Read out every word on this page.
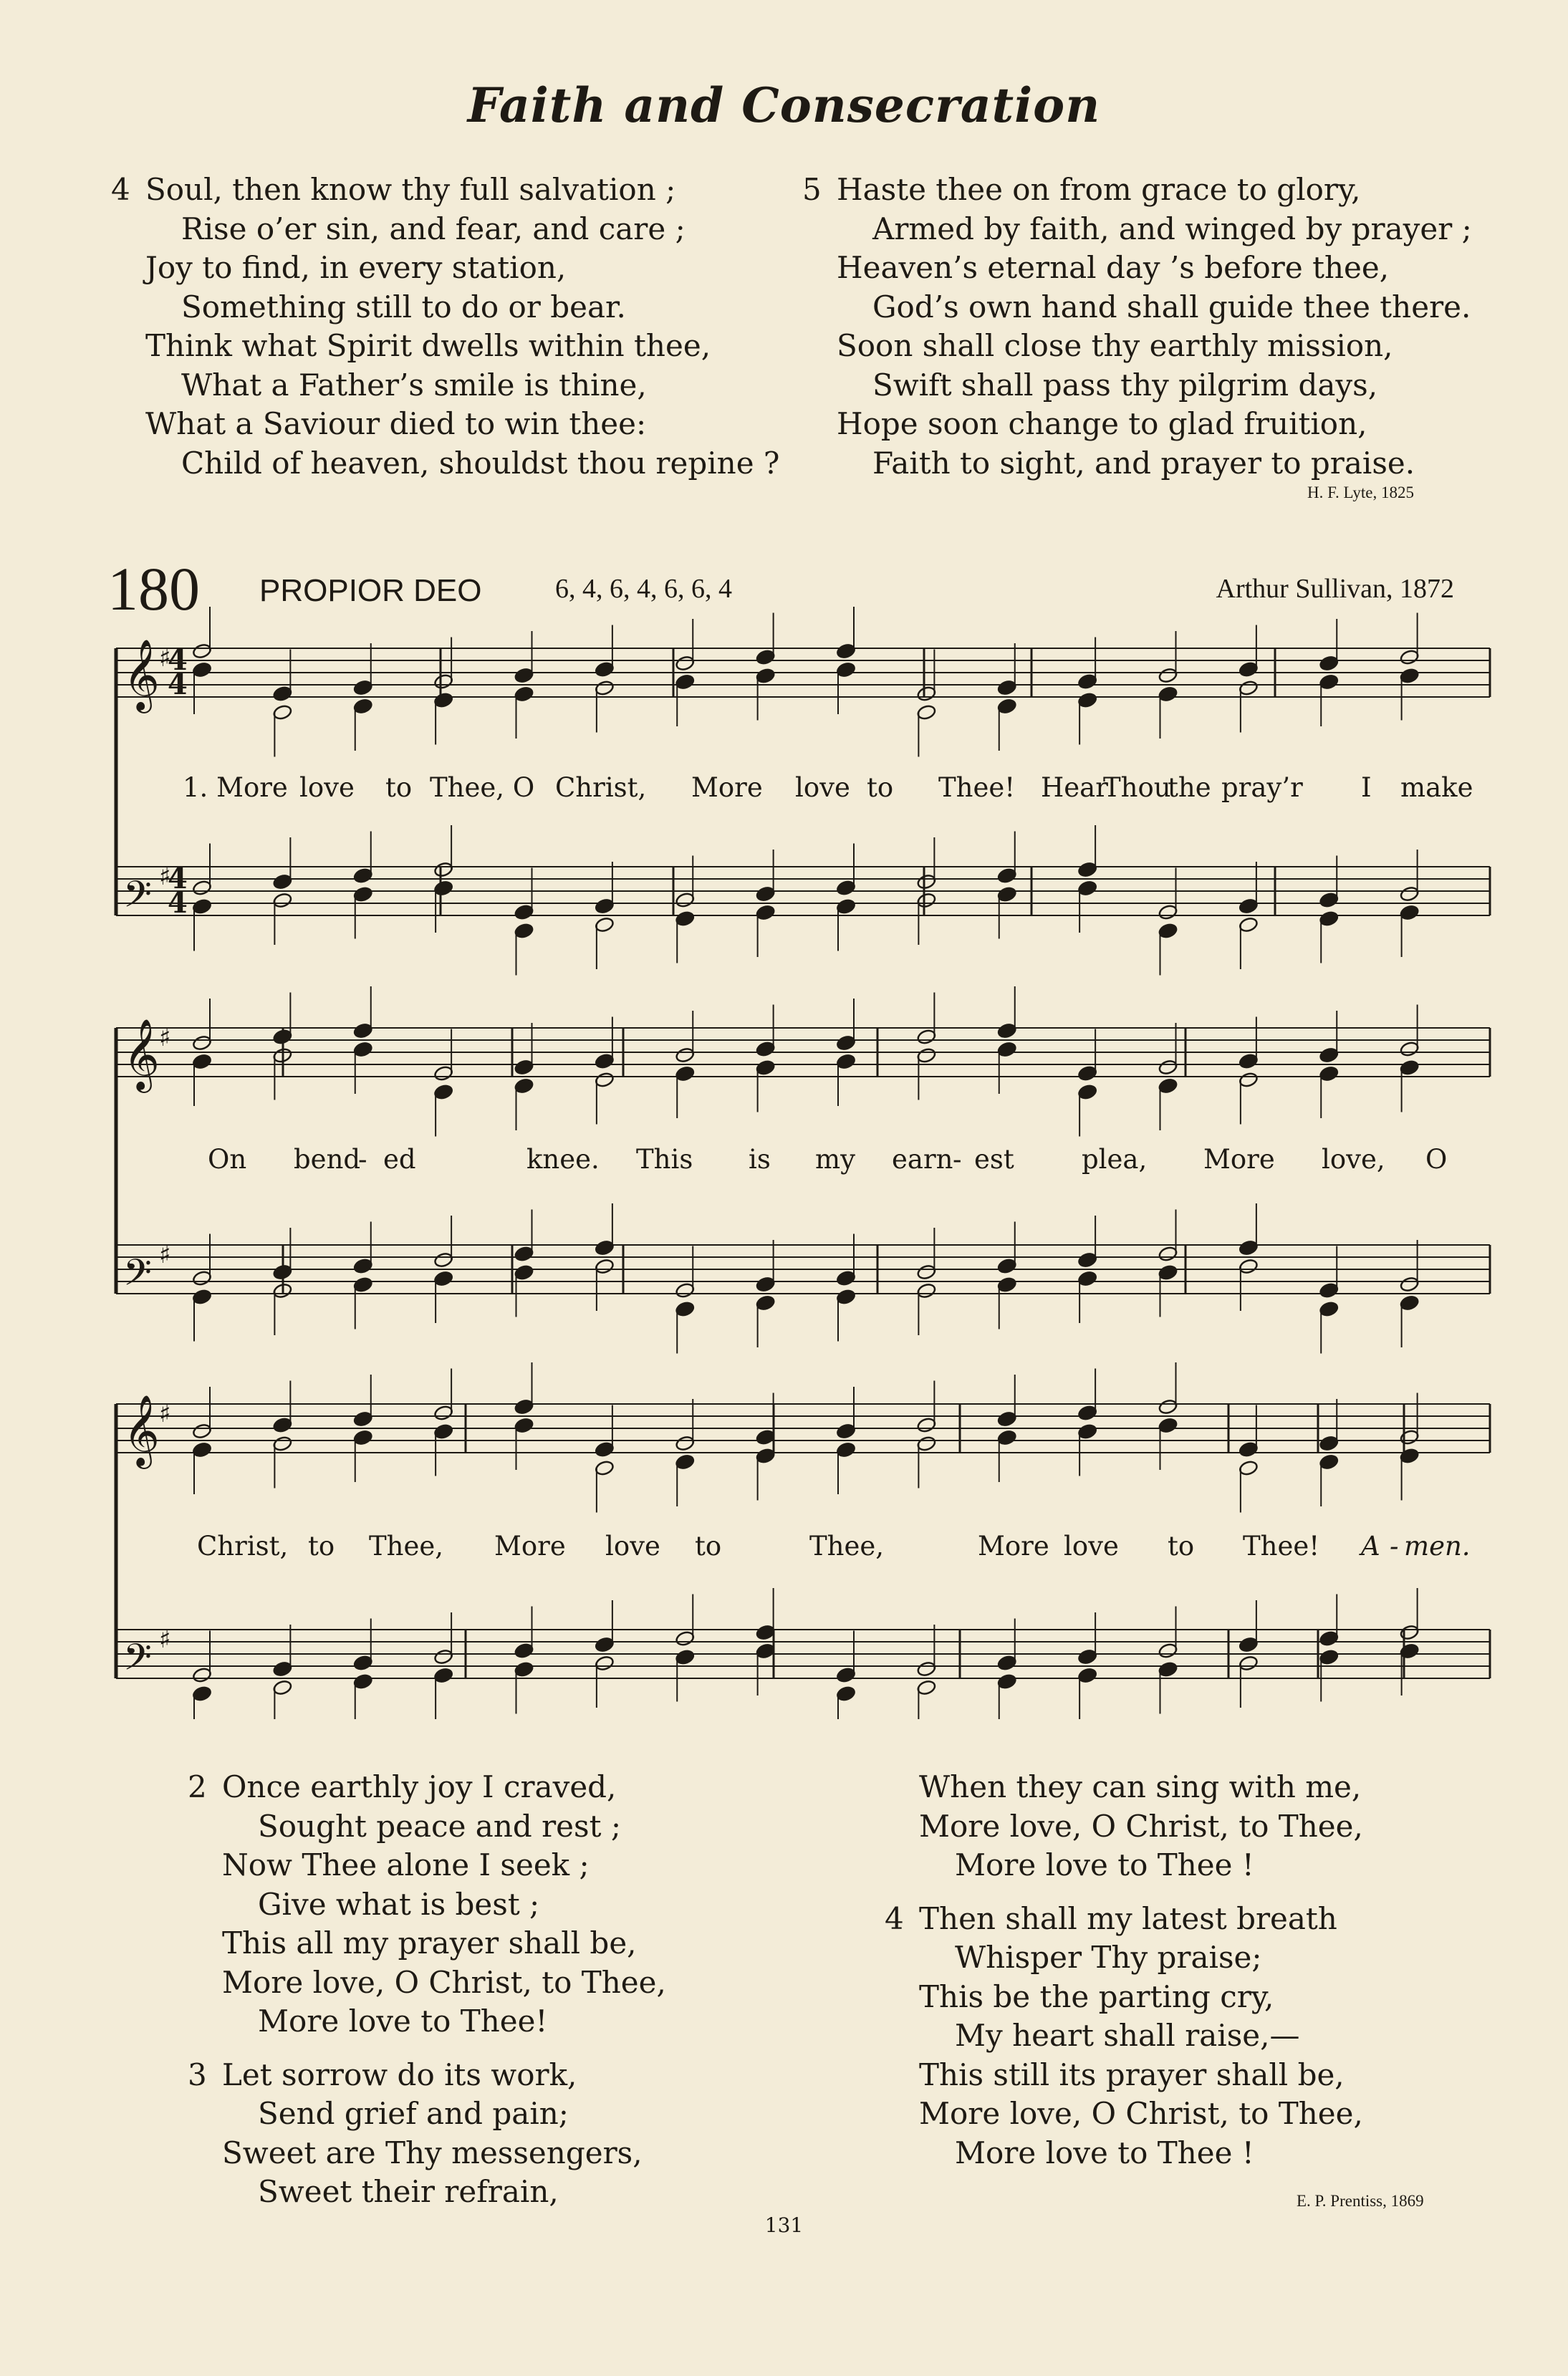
Faith and Consecration
4 Soul, then know thy full salvation ;
Rise o’er sin, and fear, and care ;
Joy to find, in every station,
Something still to do or bear.
Think what Spirit dwells within thee,
What a Father’s smile is thine,
What a Saviour died to win thee:
Child of heaven, shouldst thou repine ?
5 Haste thee on from grace to glory,
Armed by faith, and winged by prayer ;
Heaven’s eternal day ’s before thee,
God’s own hand shall guide thee there.
Soon shall close thy earthly mission,
Swift shall pass thy pilgrim days,
Hope soon change to glad fruition,
Faith to sight, and prayer to praise.
H. F. Lyte, 1825
180 PROPIOR DEO	6, 4, 6, 4, 6, 6, 4	Arthur Sullivan, 1872
𝄞 4
4
♯
𝄢 4
4
♯
𝄞 ♯
𝄢 ♯
𝄞 ♯
𝄢 ♯
1. More love to Thee, O Christ, More love to Thee! Hear
Thou
the pray’r I make
On bend
- ed	knee. This is my earn - est	plea, More love, O
Christ, to Thee, More love to	Thee,	More love to Thee! A - men.
2 Once earthly joy I craved,
Sought peace and rest ;
Now Thee alone I seek ;
Give what is best ;
This all my prayer shall be,
More love, O Christ, to Thee,
More love to Thee!
3 Let sorrow do its work,
Send grief and pain;
Sweet are Thy messengers,
Sweet their refrain,
When they can sing with me,
More love, O Christ, to Thee,
More love to Thee !
4 Then shall my latest breath
Whisper Thy praise;
This be the parting cry,
My heart shall raise,—
This still its prayer shall be,
More love, O Christ, to Thee,
More love to Thee !
E. P. Prentiss, 1869
131
